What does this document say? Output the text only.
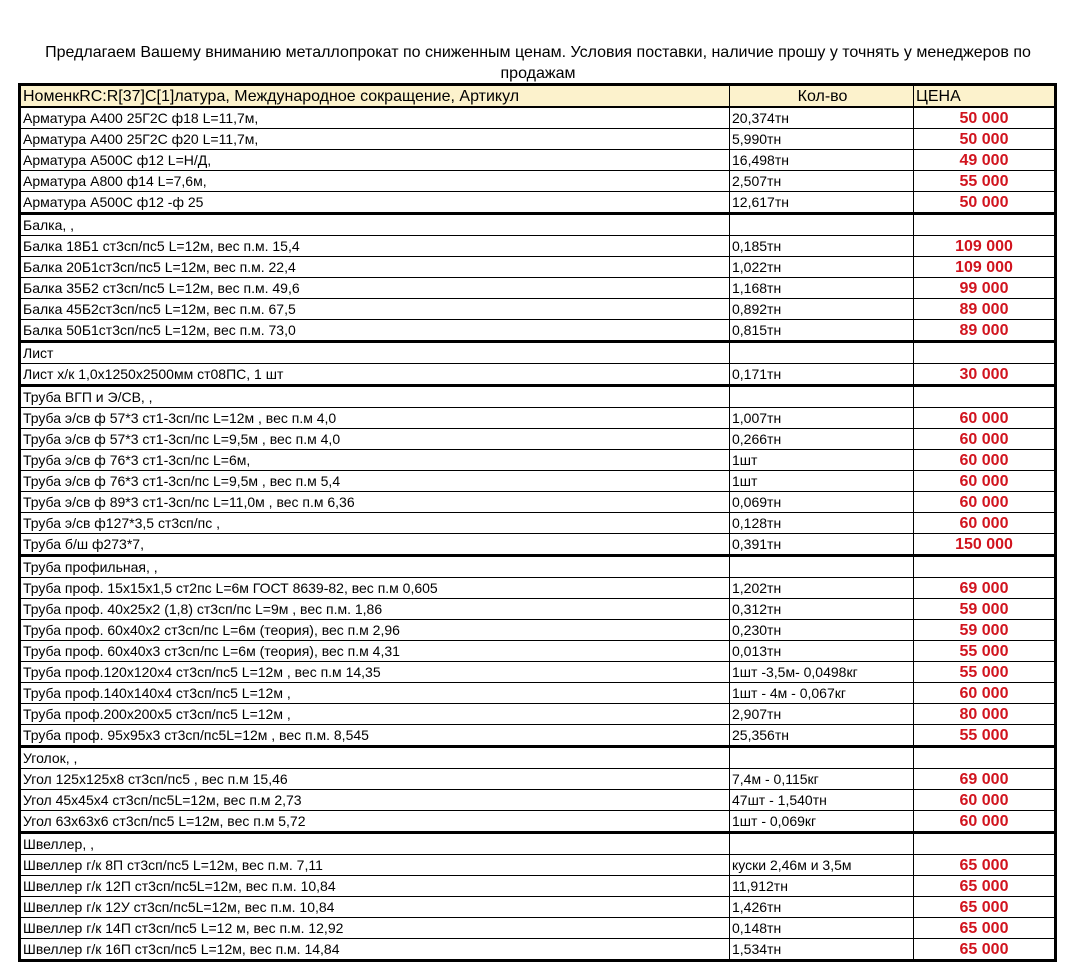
Предлагаем Вашему вниманию металлопрокат по сниженным ценам. Условия поставки, наличие прошу у точнять у менеджеров по продажам
НоменкRC:R[37]C[1]латура, Международное сокращение, Артикул	Кол-во	ЦЕНА
Арматура А400 25Г2С ф18 L=11,7м,	20,374тн	50 000
Арматура А400 25Г2С ф20 L=11,7м,	5,990тн	50 000
Арматура А500С ф12 L=Н/Д,	16,498тн	49 000
Арматура А800 ф14 L=7,6м,	2,507тн	55 000
Арматура А500С ф12 -ф 25	12,617тн	50 000
Балка, ,		
Балка 18Б1 ст3сп/пс5 L=12м, вес п.м. 15,4	0,185тн	109 000
Балка 20Б1ст3сп/пс5 L=12м, вес п.м. 22,4	1,022тн	109 000
Балка 35Б2 ст3сп/пс5 L=12м, вес п.м. 49,6	1,168тн	99 000
Балка 45Б2ст3сп/пс5 L=12м, вес п.м. 67,5	0,892тн	89 000
Балка 50Б1ст3сп/пс5 L=12м, вес п.м. 73,0	0,815тн	89 000
Лист		
Лист х/к 1,0х1250х2500мм ст08ПС, 1 шт	0,171тн	30 000
Труба ВГП и Э/СВ, ,		
Труба э/св ф 57*3 ст1-3сп/пс L=12м , вес п.м 4,0	1,007тн	60 000
Труба э/св ф 57*3 ст1-3сп/пс L=9,5м , вес п.м 4,0	0,266тн	60 000
Труба э/св ф 76*3 ст1-3сп/пс L=6м,	1шт	60 000
Труба э/св ф 76*3 ст1-3сп/пс L=9,5м , вес п.м 5,4	1шт	60 000
Труба э/св ф 89*3 ст1-3сп/пс L=11,0м , вес п.м 6,36	0,069тн	60 000
Труба э/св ф127*3,5 ст3сп/пс ,	0,128тн	60 000
Труба б/ш ф273*7,	0,391тн	150 000
Труба профильная, ,		
Труба проф. 15х15х1,5 ст2пс L=6м ГОСТ 8639-82, вес п.м 0,605	1,202тн	69 000
Труба проф. 40х25х2 (1,8) ст3сп/пс L=9м , вес п.м. 1,86	0,312тн	59 000
Труба проф. 60х40х2 ст3сп/пс L=6м (теория), вес п.м 2,96	0,230тн	59 000
Труба проф. 60х40х3 ст3сп/пс L=6м (теория), вес п.м 4,31	0,013тн	55 000
Труба проф.120х120х4 ст3сп/пс5 L=12м , вес п.м 14,35	1шт -3,5м- 0,0498кг	55 000
Труба проф.140х140х4 ст3сп/пс5 L=12м ,	1шт - 4м - 0,067кг	60 000
Труба проф.200х200х5 ст3сп/пс5 L=12м ,	2,907тн	80 000
Труба проф. 95х95х3 ст3сп/пс5L=12м , вес п.м. 8,545	25,356тн	55 000
Уголок, ,		
Угол 125х125х8 ст3сп/пс5 , вес п.м 15,46	7,4м - 0,115кг	69 000
Угол 45х45х4 ст3сп/пс5L=12м, вес п.м 2,73	47шт - 1,540тн	60 000
Угол 63х63х6 ст3сп/пс5 L=12м, вес п.м 5,72	1шт - 0,069кг	60 000
Швеллер, ,		
Швеллер г/к 8П ст3сп/пс5 L=12м, вес п.м. 7,11	куски 2,46м и 3,5м	65 000
Швеллер г/к 12П ст3сп/пс5L=12м, вес п.м. 10,84	11,912тн	65 000
Швеллер г/к 12У ст3сп/пс5L=12м, вес п.м. 10,84	1,426тн	65 000
Швеллер г/к 14П ст3сп/пс5 L=12 м, вес п.м. 12,92	0,148тн	65 000
Швеллер г/к 16П ст3сп/пс5 L=12м, вес п.м. 14,84	1,534тн	65 000
